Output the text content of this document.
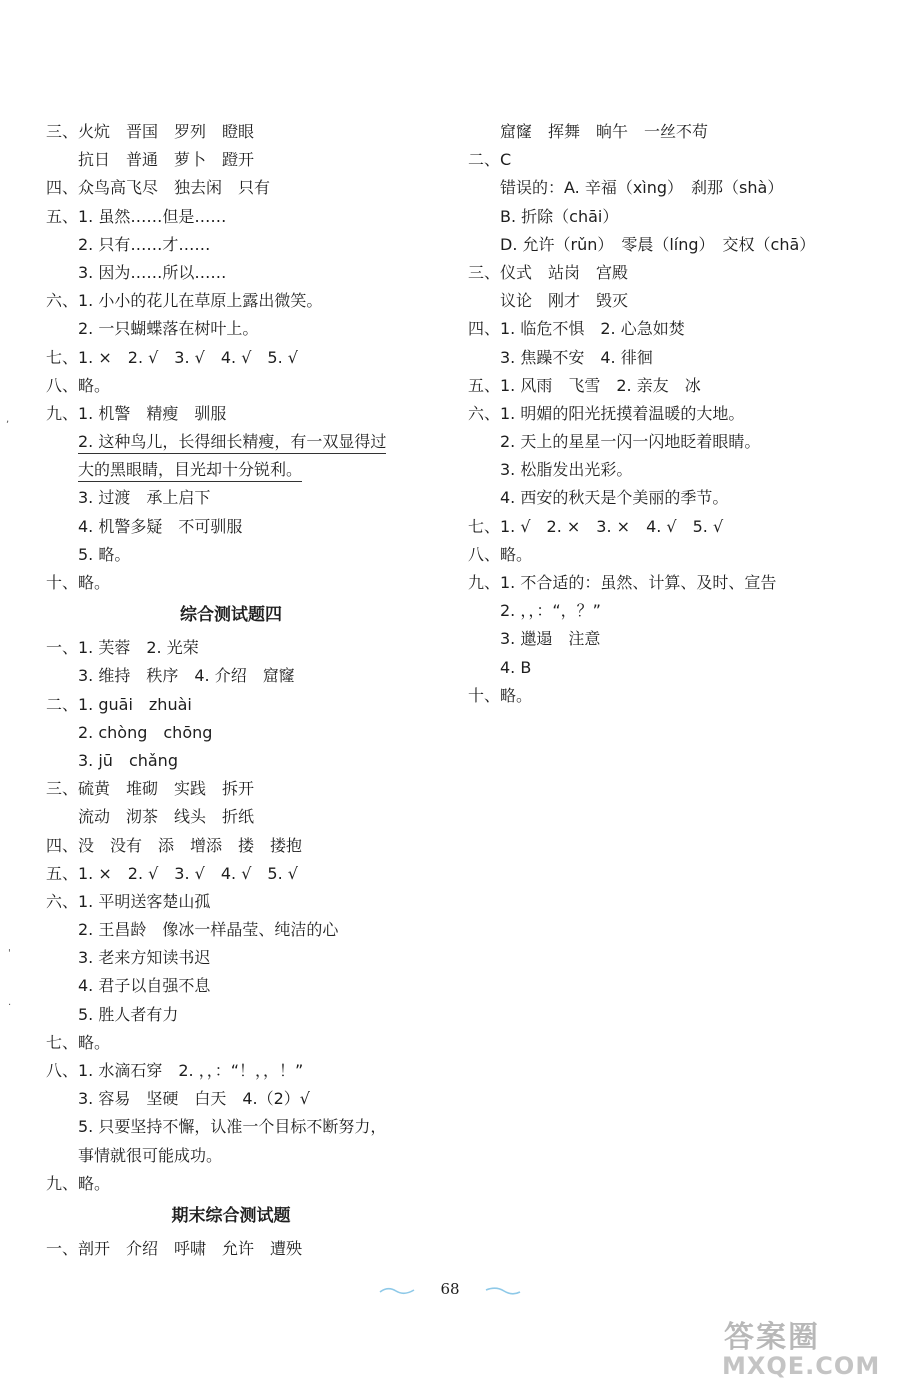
三、火炕　晋国　罗列　瞪眼
抗日　普通　萝卜　蹬开
四、众鸟高飞尽　独去闲　只有
五、1. 虽然……但是……
2. 只有……才……
3. 因为……所以……
六、1. 小小的花儿在草原上露出微笑。
2. 一只蝴蝶落在树叶上。
七、1. ×　2. √　3. √　4. √　5. √
八、略。
九、1. 机警　精瘦　驯服
2. 这种鸟儿，长得细长精瘦，有一双显得过
大的黑眼睛，目光却十分锐利。
3. 过渡　承上启下
4. 机警多疑　不可驯服
5. 略。
十、略。
综合测试题四
一、1. 芙蓉　2. 光荣
3. 维持　秩序　4. 介绍　窟窿
二、1. guāi　zhuài
2. chòng　chōng
3. jū　chǎng
三、硫黄　堆砌　实践　拆开
流动　沏茶　线头　折纸
四、没　没有　添　增添　搂　搂抱
五、1. ×　2. √　3. √　4. √　5. √
六、1. 平明送客楚山孤
2. 王昌龄　像冰一样晶莹、纯洁的心
3. 老来方知读书迟
4. 君子以自强不息
5. 胜人者有力
七、略。
八、1. 水滴石穿　2. ，，：“！，，！”
3. 容易　坚硬　白天　4.（2）√
5. 只要坚持不懈，认准一个目标不断努力，
事情就很可能成功。
九、略。
期末综合测试题
一、剖开　介绍　呼啸　允许　遭殃
窟窿　挥舞　晌午　一丝不苟
二、C
错误的：A. 辛福（xìng）　刹那（shà）
B. 折除（chāi）
D. 允许（rǔn）　零晨（líng）　交权（chā）
三、仪式　站岗　宫殿
议论　刚才　毁灭
四、1. 临危不惧　2. 心急如焚
3. 焦躁不安　4. 徘徊
五、1. 风雨　飞雪　2. 亲友　冰
六、1. 明媚的阳光抚摸着温暖的大地。
2. 天上的星星一闪一闪地眨着眼睛。
3. 松脂发出光彩。
4. 西安的秋天是个美丽的季节。
七、1. √　2. ×　3. ×　4. √　5. √
八、略。
九、1. 不合适的：虽然、计算、及时、宣告
2. ，，：“，？”
3. 邋遢　注意
4. B
十、略。
68
答案圈
MXQE.COM
,
'
·
